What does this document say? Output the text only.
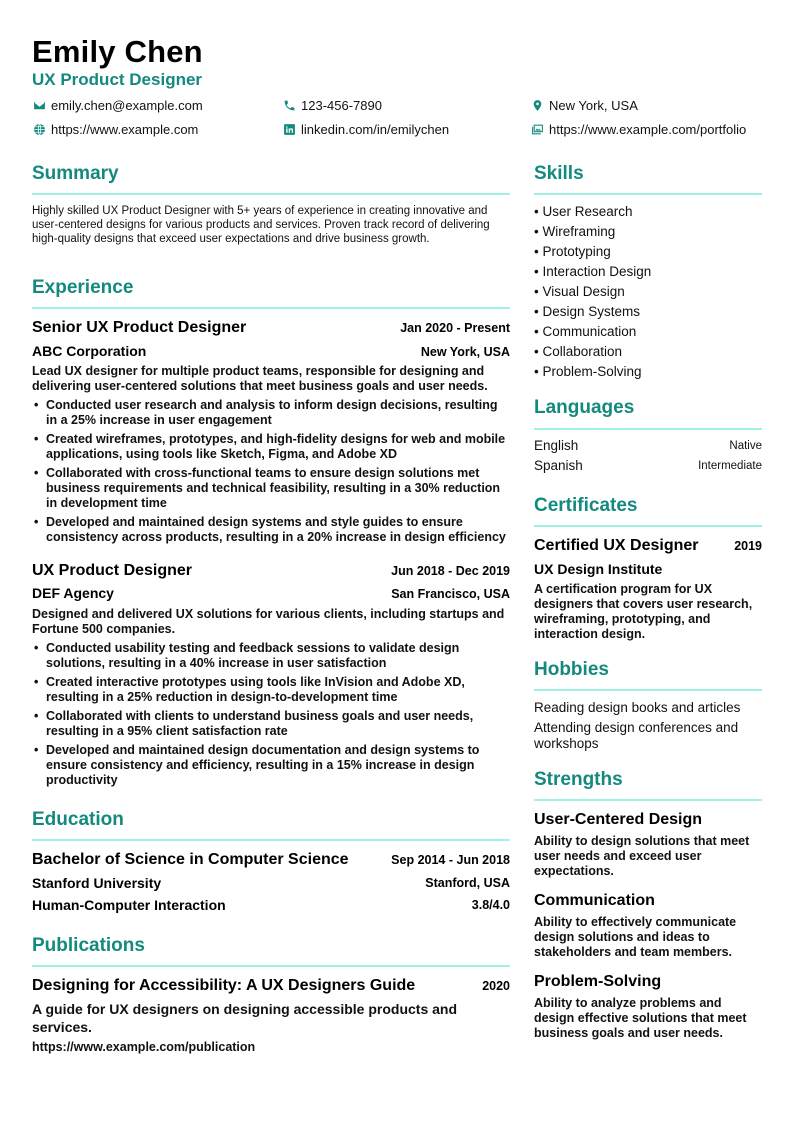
Emily Chen
UX Product Designer
emily.chen@example.com	123-456-7890	New York, USA
https://www.example.com	linkedin.com/in/emilychen	https://www.example.com/portfolio
Summary
Highly skilled UX Product Designer with 5+ years of experience in creating innovative and user-centered designs for various products and services. Proven track record of delivering high-quality designs that exceed user expectations and drive business growth.
Experience
Senior UX Product Designer	Jan 2020 - Present
ABC Corporation	New York, USA
Lead UX designer for multiple product teams, responsible for designing and delivering user-centered solutions that meet business goals and user needs.
• Conducted user research and analysis to inform design decisions, resulting in a 25% increase in user engagement
• Created wireframes, prototypes, and high-fidelity designs for web and mobile applications, using tools like Sketch, Figma, and Adobe XD
• Collaborated with cross-functional teams to ensure design solutions met business requirements and technical feasibility, resulting in a 30% reduction in development time
• Developed and maintained design systems and style guides to ensure consistency across products, resulting in a 20% increase in design efficiency
UX Product Designer	Jun 2018 - Dec 2019
DEF Agency	San Francisco, USA
Designed and delivered UX solutions for various clients, including startups and Fortune 500 companies.
• Conducted usability testing and feedback sessions to validate design solutions, resulting in a 40% increase in user satisfaction
• Created interactive prototypes using tools like InVision and Adobe XD, resulting in a 25% reduction in design-to-development time
• Collaborated with clients to understand business goals and user needs, resulting in a 95% client satisfaction rate
• Developed and maintained design documentation and design systems to ensure consistency and efficiency, resulting in a 15% increase in design productivity
Education
Bachelor of Science in Computer Science	Sep 2014 - Jun 2018
Stanford University	Stanford, USA
Human-Computer Interaction	3.8/4.0
Publications
Designing for Accessibility: A UX Designers Guide	2020
A guide for UX designers on designing accessible products and services.
https://www.example.com/publication
Skills
• User Research
• Wireframing
• Prototyping
• Interaction Design
• Visual Design
• Design Systems
• Communication
• Collaboration
• Problem-Solving
Languages
English	Native
Spanish	Intermediate
Certificates
Certified UX Designer	2019
UX Design Institute
A certification program for UX designers that covers user research, wireframing, prototyping, and interaction design.
Hobbies
Reading design books and articles
Attending design conferences and workshops
Strengths
User-Centered Design
Ability to design solutions that meet user needs and exceed user expectations.
Communication
Ability to effectively communicate design solutions and ideas to stakeholders and team members.
Problem-Solving
Ability to analyze problems and design effective solutions that meet business goals and user needs.
